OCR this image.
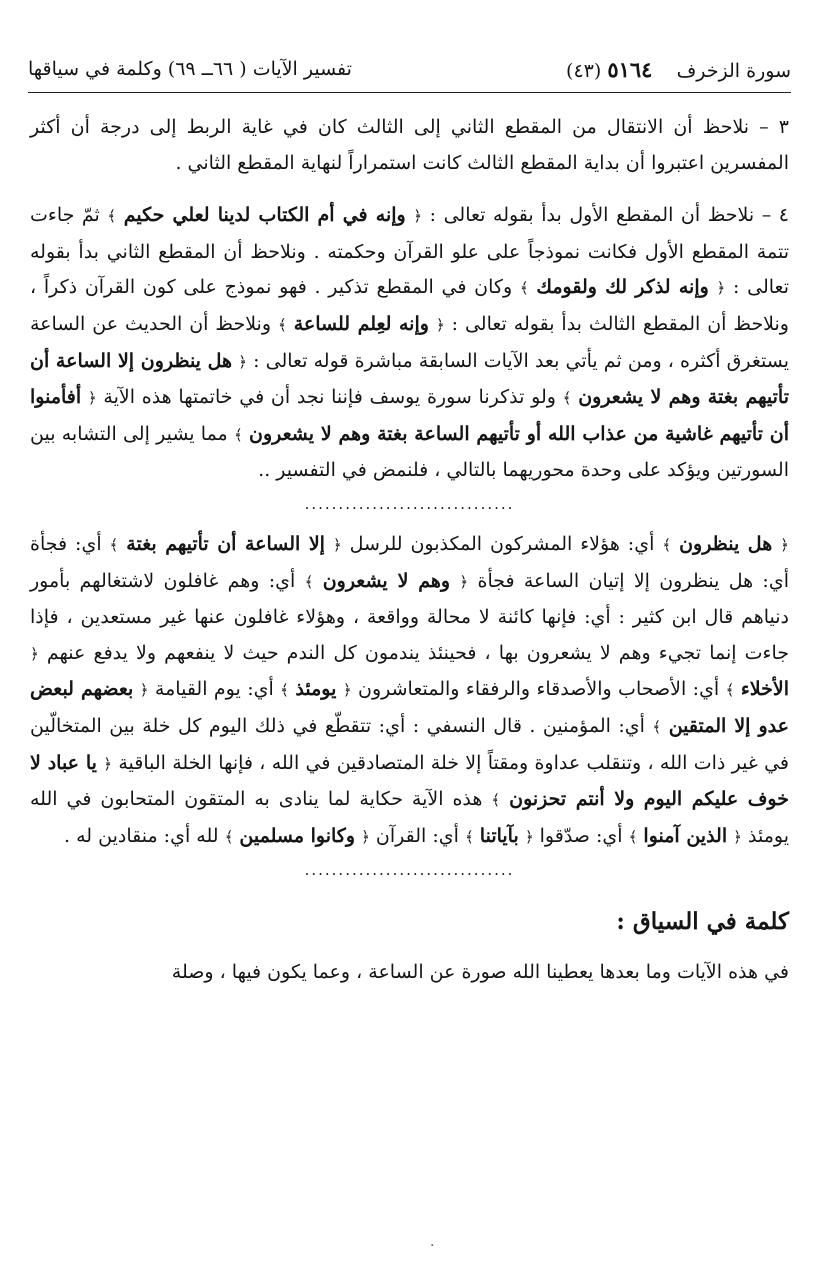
تفسير الآيات ( ٦٦ــ ٦٩) وكلمة في سياقها	(٤٣) سورة الزخرف    ٥١٦٤

٣ – نلاحظ أن الانتقال من المقطع الثاني إلى الثالث كان في غاية الربط إلى درجة أن أكثر المفسرين اعتبروا أن بداية المقطع الثالث كانت استمراراً لنهاية المقطع الثاني .

٤ – نلاحظ أن المقطع الأول بدأ بقوله تعالى : ﴿ وإنه في أم الكتاب لدينا لعلي حكيم ﴾ ثمّ جاءت تتمة المقطع الأول فكانت نموذجاً على علو القرآن وحكمته . ونلاحظ أن المقطع الثاني بدأ بقوله تعالى : ﴿ وإنه لذكر لك ولقومك ﴾ وكان في المقطع تذكير . فهو نموذج على كون القرآن ذكراً ، ونلاحظ أن المقطع الثالث بدأ بقوله تعالى : ﴿ وإنه لعِلم للساعة ﴾ ونلاحظ أن الحديث عن الساعة يستغرق أكثره ، ومن ثم يأتي بعد الآيات السابقة مباشرة قوله تعالى : ﴿ هل ينظرون إلا الساعة أن تأتيهم بغتة وهم لا يشعرون ﴾ ولو تذكرنا سورة يوسف فإننا نجد أن في خاتمتها هذه الآية ﴿ أفأمنوا أن تأتيهم غاشية من عذاب الله أو تأتيهم الساعة بغتة وهم لا يشعرون ﴾ مما يشير إلى التشابه بين السورتين ويؤكد على وحدة محوريهما بالتالي ، فلنمض في التفسير ..

...............................

﴿ هل ينظرون ﴾ أي: هؤلاء المشركون المكذبون للرسل ﴿ إلا الساعة أن تأتيهم بغتة ﴾ أي: فجأة أي: هل ينظرون إلا إتيان الساعة فجأة ﴿ وهم لا يشعرون ﴾ أي: وهم غافلون لاشتغالهم بأمور دنياهم قال ابن كثير : أي: فإنها كائنة لا محالة وواقعة ، وهؤلاء غافلون عنها غير مستعدين ، فإذا جاءت إنما تجيء وهم لا يشعرون بها ، فحينئذ يندمون كل الندم حيث لا ينفعهم ولا يدفع عنهم ﴿ الأخلاء ﴾ أي: الأصحاب والأصدقاء والرفقاء والمتعاشرون ﴿ يومئذ ﴾ أي: يوم القيامة ﴿ بعضهم لبعض عدو إلا المتقين ﴾ أي: المؤمنين . قال النسفي : أي: تتقطّع في ذلك اليوم كل خلة بين المتخالّين في غير ذات الله ، وتنقلب عداوة ومقتاً إلا خلة المتصادقين في الله ، فإنها الخلة الباقية ﴿ يا عباد لا خوف عليكم اليوم ولا أنتم تحزنون ﴾ هذه الآية حكاية لما ينادى به المتقون المتحابون في الله يومئذ ﴿ الذين آمنوا ﴾ أي: صدّقوا ﴿ بآياتنا ﴾ أي: القرآن ﴿ وكانوا مسلمين ﴾ لله أي: منقادين له .

...............................

كلمة في السياق :

في هذه الآيات وما بعدها يعطينا الله صورة عن الساعة ، وعما يكون فيها ، وصلة

·
